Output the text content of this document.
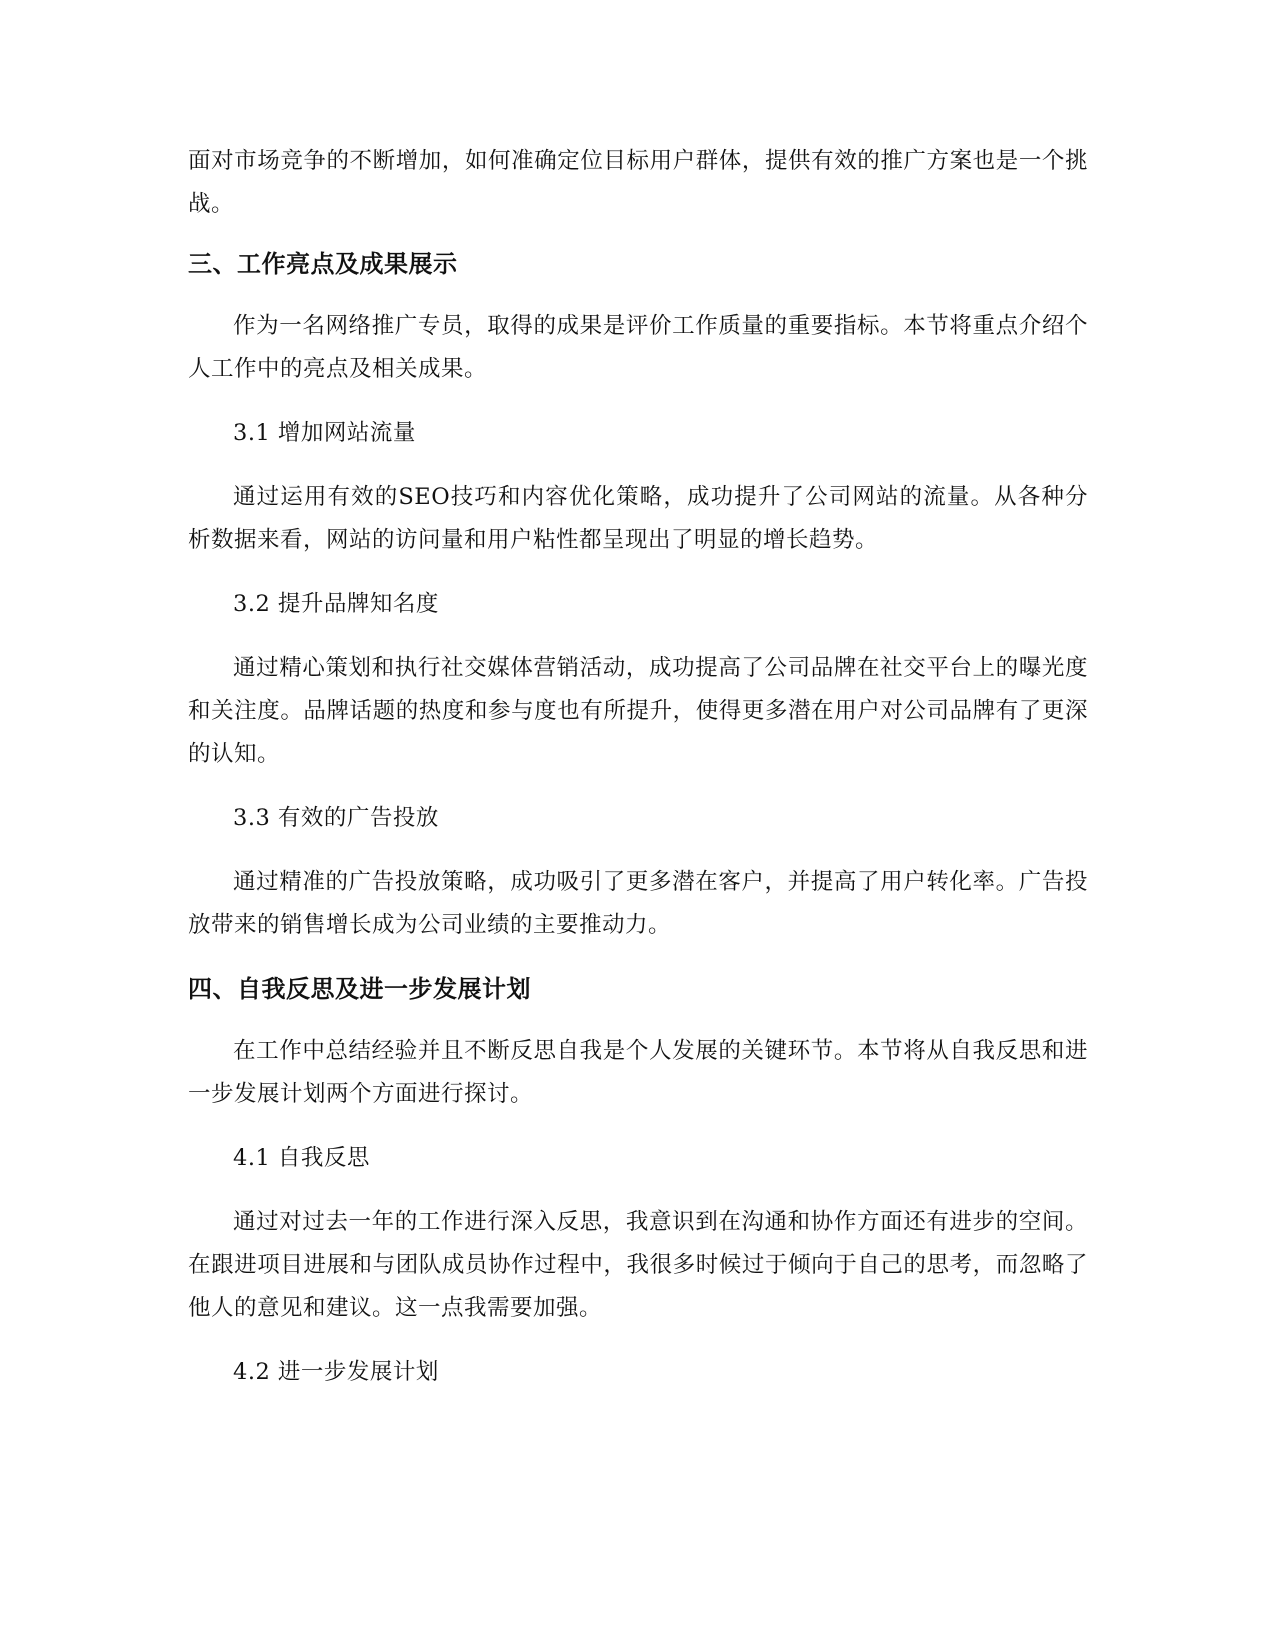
面对市场竞争的不断增加，如何准确定位目标用户群体，提供有效的推广方案也是一个挑战。

三、工作亮点及成果展示

作为一名网络推广专员，取得的成果是评价工作质量的重要指标。本节将重点介绍个人工作中的亮点及相关成果。

3.1 增加网站流量

通过运用有效的SEO技巧和内容优化策略，成功提升了公司网站的流量。从各种分析数据来看，网站的访问量和用户粘性都呈现出了明显的增长趋势。

3.2 提升品牌知名度

通过精心策划和执行社交媒体营销活动，成功提高了公司品牌在社交平台上的曝光度和关注度。品牌话题的热度和参与度也有所提升，使得更多潜在用户对公司品牌有了更深的认知。

3.3 有效的广告投放

通过精准的广告投放策略，成功吸引了更多潜在客户，并提高了用户转化率。广告投放带来的销售增长成为公司业绩的主要推动力。

四、自我反思及进一步发展计划

在工作中总结经验并且不断反思自我是个人发展的关键环节。本节将从自我反思和进一步发展计划两个方面进行探讨。

4.1 自我反思

通过对过去一年的工作进行深入反思，我意识到在沟通和协作方面还有进步的空间。在跟进项目进展和与团队成员协作过程中，我很多时候过于倾向于自己的思考，而忽略了他人的意见和建议。这一点我需要加强。

4.2 进一步发展计划
